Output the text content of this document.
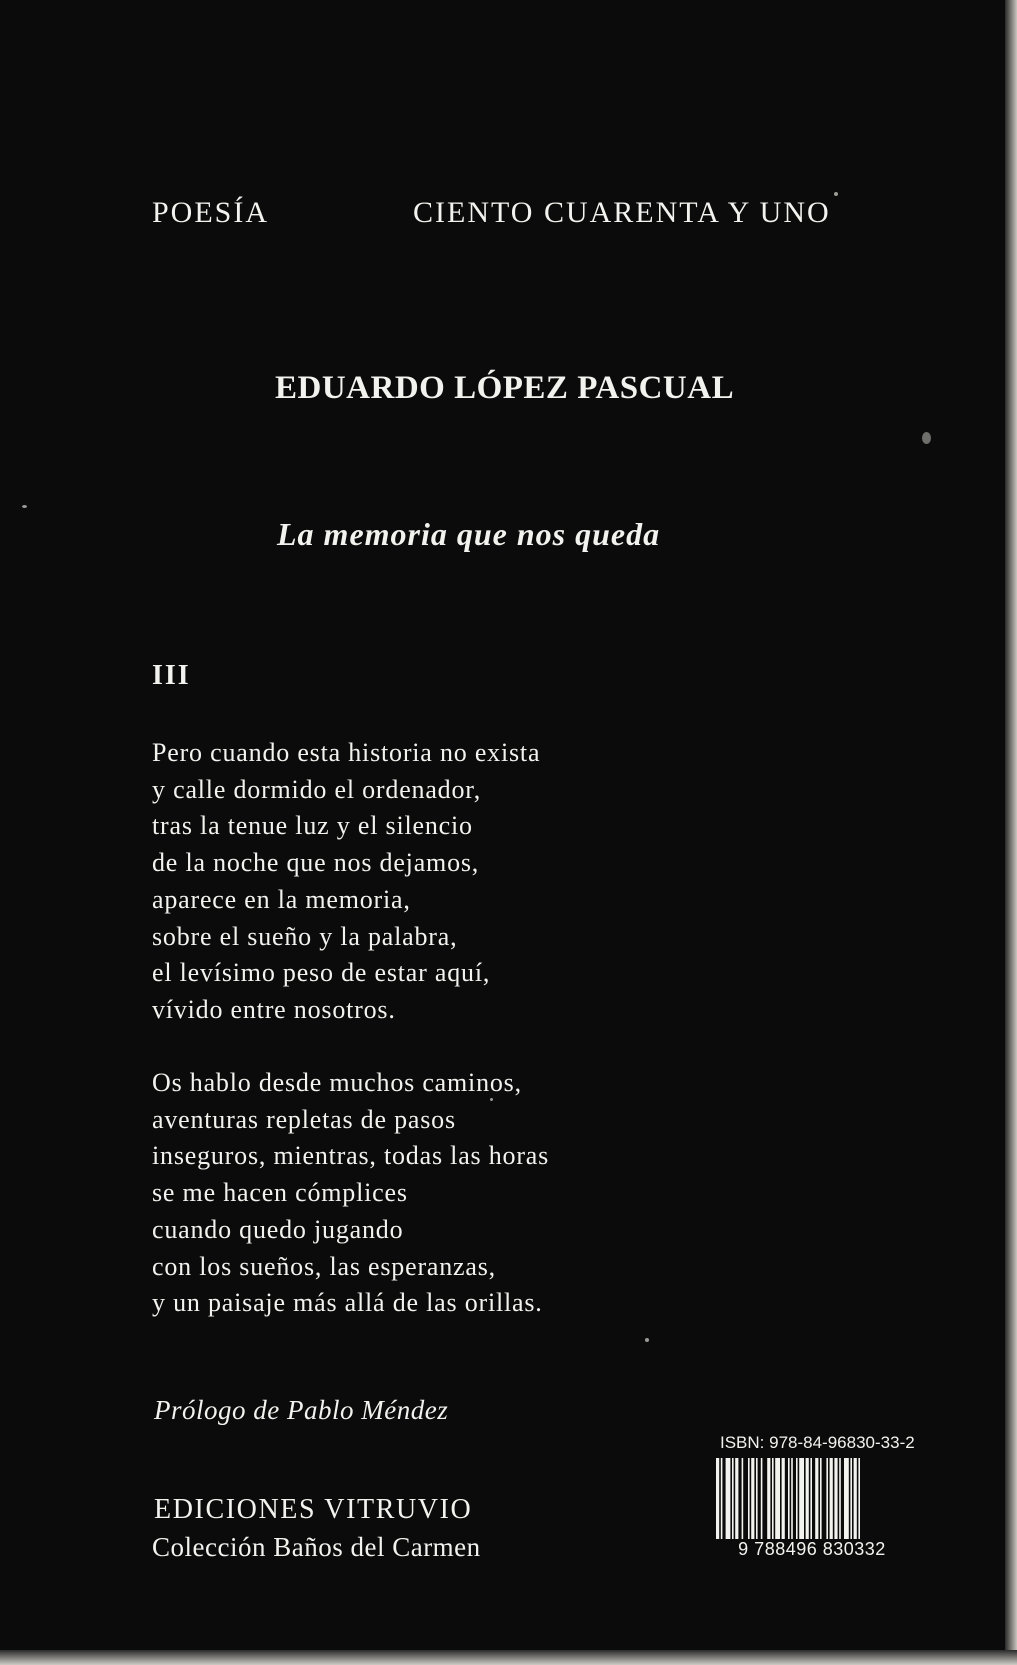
POESÍA	CIENTO CUARENTA Y UNO

EDUARDO LÓPEZ PASCUAL
La memoria que nos queda

III

Pero cuando esta historia no exista
y calle dormido el ordenador,
tras la tenue luz y el silencio
de la noche que nos dejamos,
aparece en la memoria,
sobre el sueño y la palabra,
el levísimo peso de estar aquí,
vívido entre nosotros.
Os hablo desde muchos caminos,
aventuras repletas de pasos
inseguros, mientras, todas las horas
se me hacen cómplices
cuando quedo jugando
con los sueños, las esperanzas,
y un paisaje más allá de las orillas.

Prólogo de Pablo Méndez

EDICIONES VITRUVIO

Colección Baños del Carmen

ISBN: 978-84-96830-33-2

9 788496 830332
